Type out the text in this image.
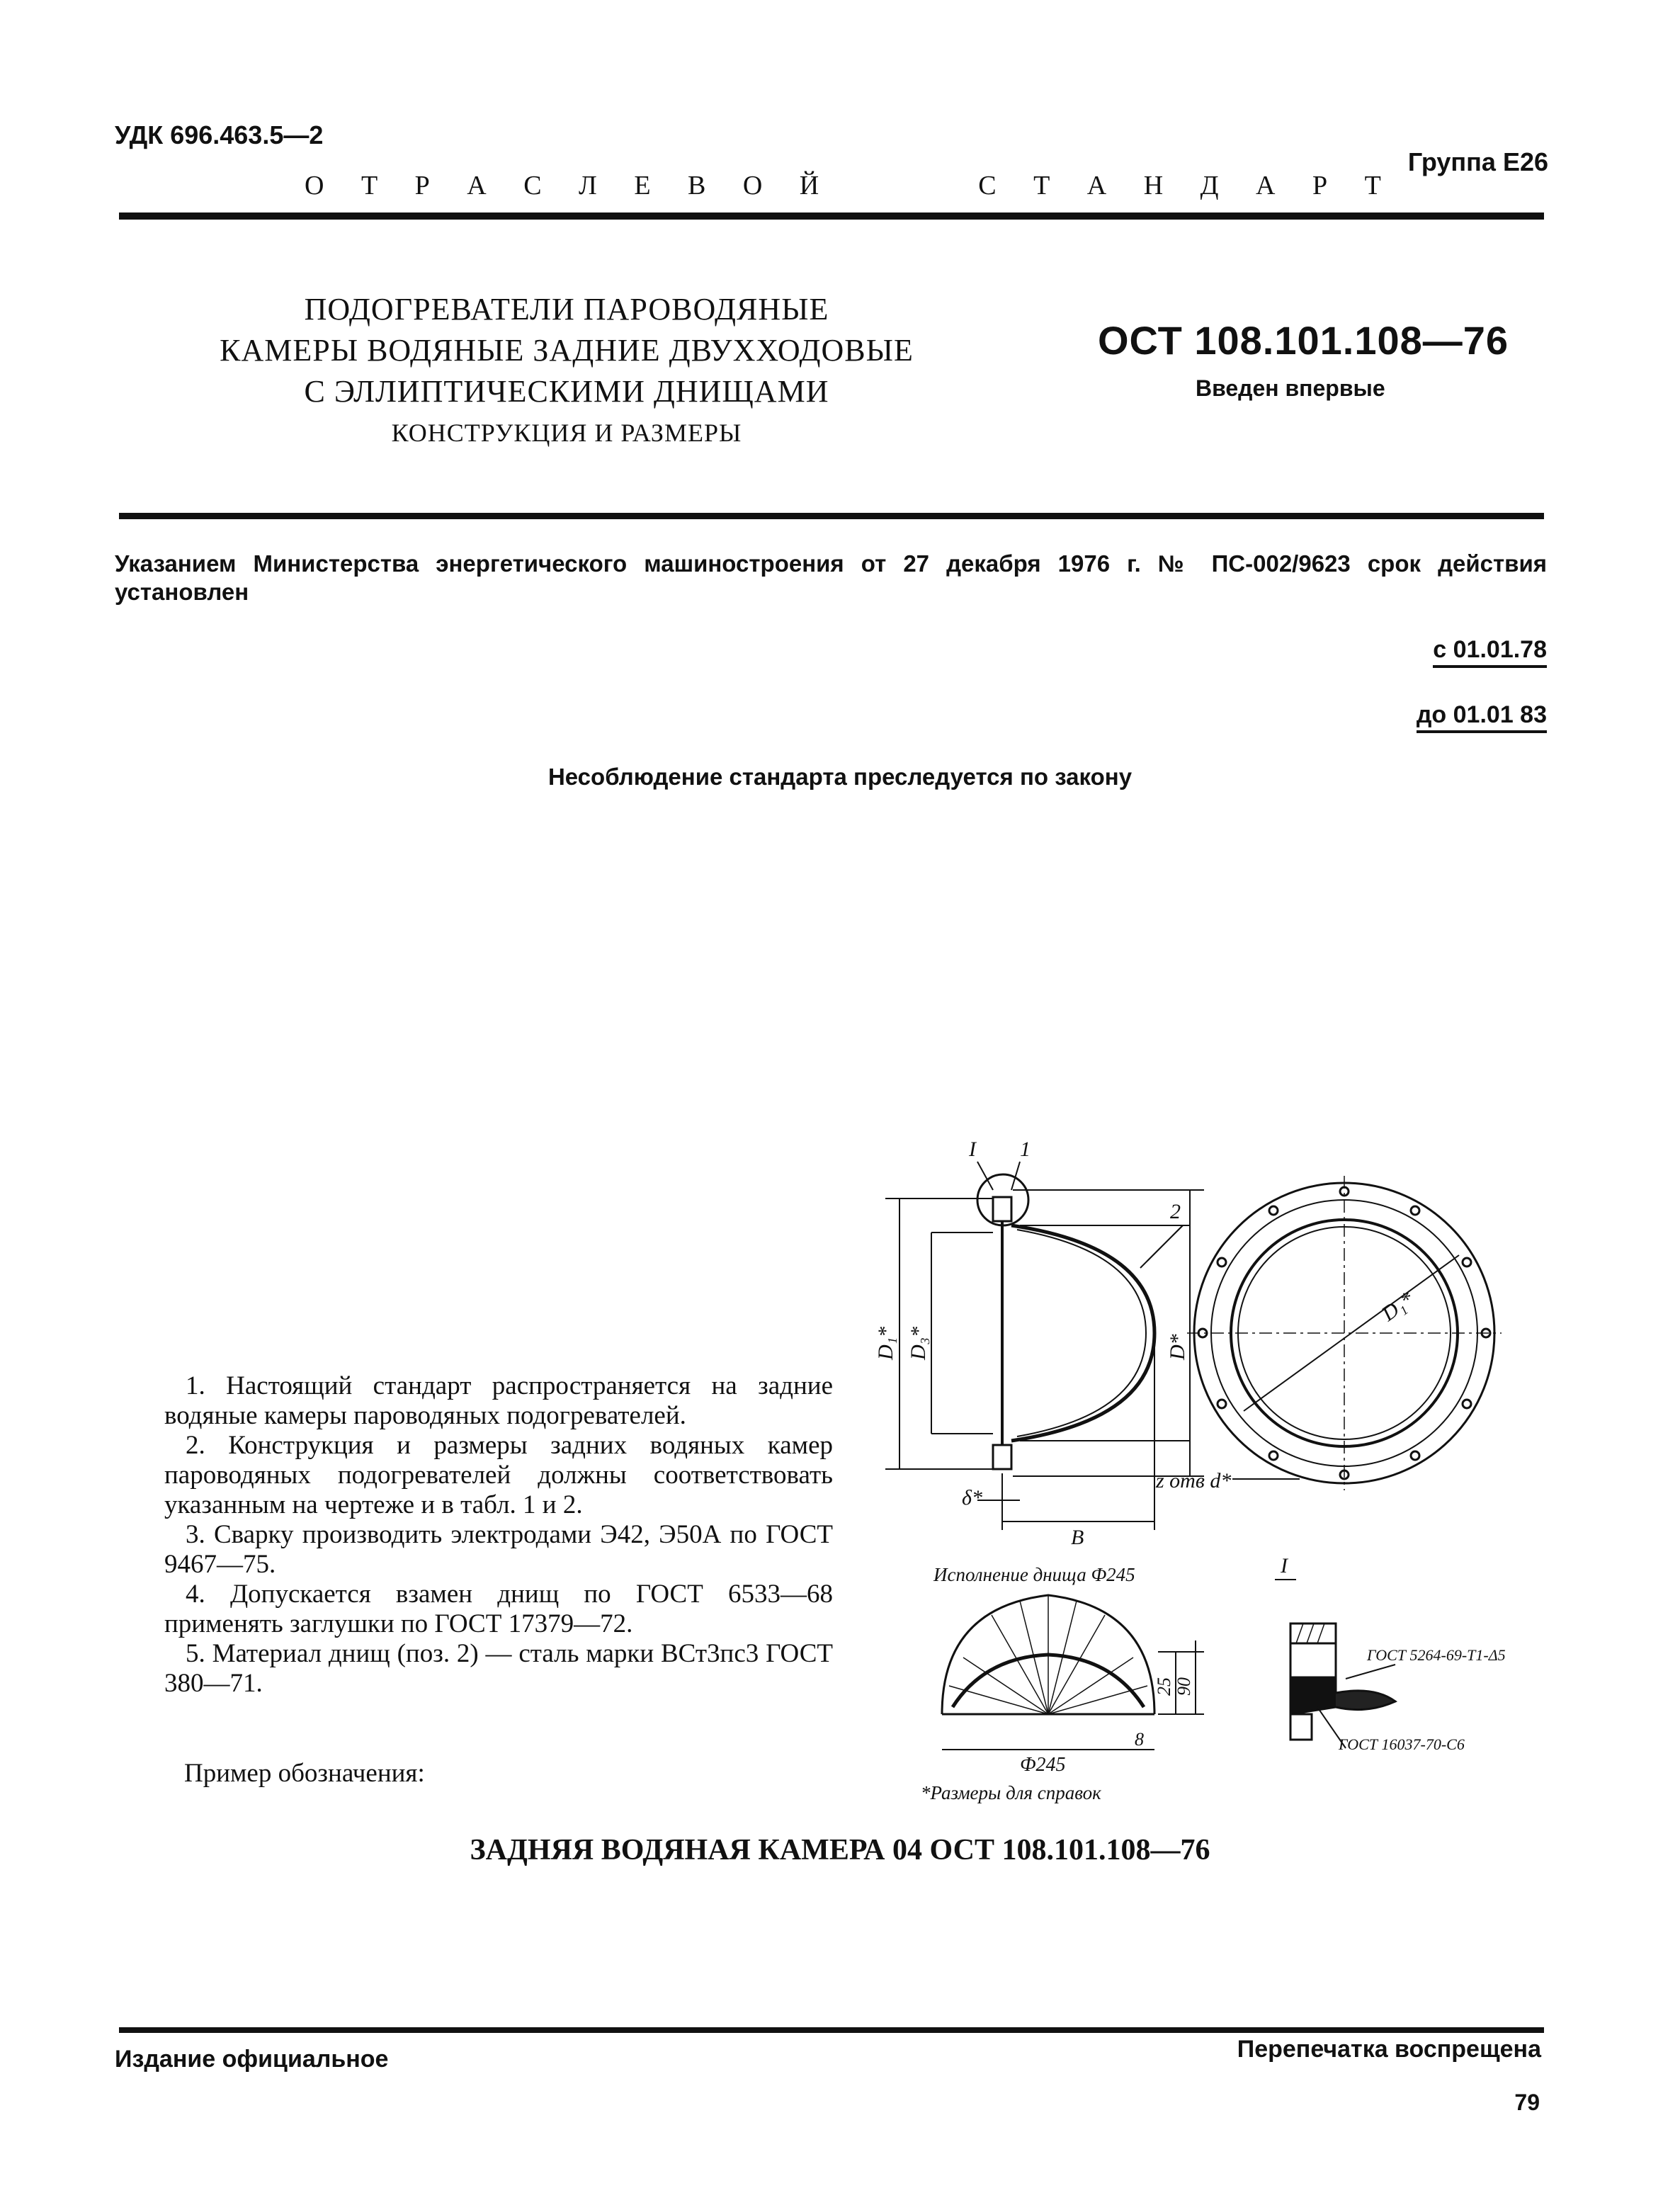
УДК 696.463.5—2
Группа Е26
О Т Р А С Л Е В О Й	С Т А Н Д А Р Т
ПОДОГРЕВАТЕЛИ ПАРОВОДЯНЫЕ
КАМЕРЫ ВОДЯНЫЕ ЗАДНИЕ ДВУХХОДОВЫЕ
С ЭЛЛИПТИЧЕСКИМИ ДНИЩАМИ
КОНСТРУКЦИЯ И РАЗМЕРЫ
ОСТ 108.101.108—76
Введен впервые
Указанием Министерства энергетического машиностроения от 27 декабря 1976 г. № ПС-002/9623 срок действия установлен
с 01.01.78
до 01.01 83
Несоблюдение стандарта преследуется по закону
I 1
2
D₁* D₃*	D*
B
δ*
D₁*
z отв d*
Исполнение днища Ф245
25 90
8
Ф245
*Размеры для справок
I
ГОСТ 5264-69-Т1-Δ5
ГОСТ 16037-70-С6

1. Настоящий стандарт распространяется на задние водяные камеры пароводяных подогревателей.

2. Конструкция и размеры задних водяных камер пароводяных подогревателей должны соответствовать указанным на чертеже и в табл. 1 и 2.

3. Сварку производить электродами Э42, Э50А по ГОСТ 9467—75.

4. Допускается взамен днищ по ГОСТ 6533—68 применять заглушки по ГОСТ 17379—72.

5. Материал днищ (поз. 2) — сталь марки ВСт3пс3 ГОСТ 380—71.

Пример обозначения:
ЗАДНЯЯ ВОДЯНАЯ КАМЕРА 04 ОСТ 108.101.108—76
Издание официальное	Перепечатка воспрещена
79
